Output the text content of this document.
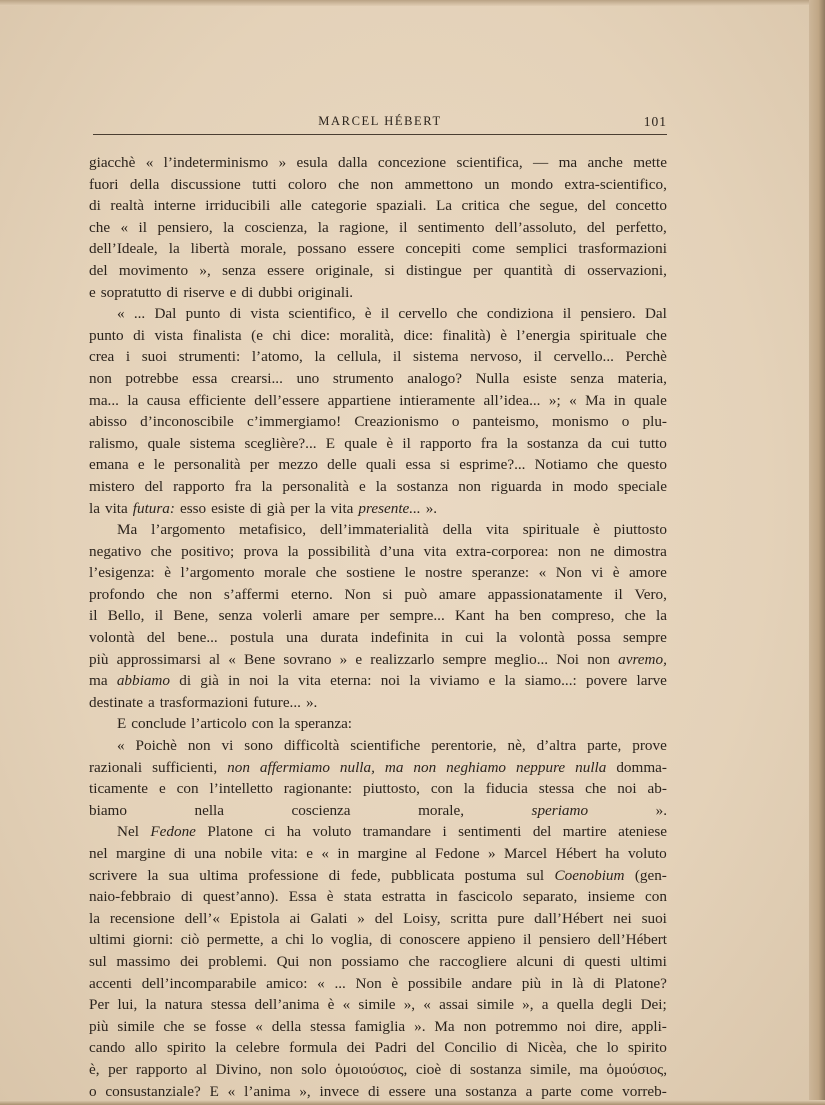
MARCEL HÉBERT	101
giacchè « l’indeterminismo » esula dalla concezione scientifica, — ma anche mette
fuori della discussione tutti coloro che non ammettono un mondo extra-scientifico,
di realtà interne irriducibili alle categorie spaziali. La critica che segue, del concetto
che « il pensiero, la coscienza, la ragione, il sentimento dell’assoluto, del perfetto,
dell’Ideale, la libertà morale, possano essere concepiti come semplici trasformazioni
del movimento », senza essere originale, si distingue per quantità di osservazioni,
e sopratutto di riserve e di dubbi originali.
« ... Dal punto di vista scientifico, è il cervello che condiziona il pensiero. Dal
punto di vista finalista (e chi dice: moralità, dice: finalità) è l’energia spirituale che
crea i suoi strumenti: l’atomo, la cellula, il sistema nervoso, il cervello... Perchè
non potrebbe essa crearsi... uno strumento analogo? Nulla esiste senza materia,
ma... la causa efficiente dell’essere appartiene intieramente all’idea... »; « Ma in quale
abisso d’inconoscibile c’immergiamo! Creazionismo o panteismo, monismo o plu-
ralismo, quale sistema sceglière?... E quale è il rapporto fra la sostanza da cui tutto
emana e le personalità per mezzo delle quali essa si esprime?... Notiamo che questo
mistero del rapporto fra la personalità e la sostanza non riguarda in modo speciale
la vita futura: esso esiste di già per la vita presente... ».
Ma l’argomento metafisico, dell’immaterialità della vita spirituale è piuttosto
negativo che positivo; prova la possibilità d’una vita extra-corporea: non ne dimostra
l’esigenza: è l’argomento morale che sostiene le nostre speranze: « Non vi è amore
profondo che non s’affermi eterno. Non si può amare appassionatamente il Vero,
il Bello, il Bene, senza volerli amare per sempre... Kant ha ben compreso, che la
volontà del bene... postula una durata indefinita in cui la volontà possa sempre
più approssimarsi al « Bene sovrano » e realizzarlo sempre meglio... Noi non avremo,
ma abbiamo di già in noi la vita eterna: noi la viviamo e la siamo...: povere larve
destinate a trasformazioni future... ».
E conclude l’articolo con la speranza:
« Poichè non vi sono difficoltà scientifiche perentorie, nè, d’altra parte, prove
razionali sufficienti, non affermiamo nulla, ma non neghiamo neppure nulla domma-
ticamente e con l’intelletto ragionante: piuttosto, con la fiducia stessa che noi ab-
biamo	nella	coscienza	morale,	speriamo	».
Nel Fedone Platone ci ha voluto tramandare i sentimenti del martire ateniese
nel margine di una nobile vita: e « in margine al Fedone » Marcel Hébert ha voluto
scrivere la sua ultima professione di fede, pubblicata postuma sul Coenobium (gen-
naio-febbraio di quest’anno). Essa è stata estratta in fascicolo separato, insieme con
la recensione dell’« Epistola ai Galati » del Loisy, scritta pure dall’Hébert nei suoi
ultimi giorni: ciò permette, a chi lo voglia, di conoscere appieno il pensiero dell’Hébert
sul massimo dei problemi. Qui non possiamo che raccogliere alcuni di questi ultimi
accenti dell’incomparabile amico: « ... Non è possibile andare più in là di Platone?
Per lui, la natura stessa dell’anima è « simile », « assai simile », a quella degli Dei;
più simile che se fosse « della stessa famiglia ». Ma non potremmo noi dire, appli-
cando allo spirito la celebre formula dei Padri del Concilio di Nicèa, che lo spirito
è, per rapporto al Divino, non solo ὁμοιούσιος, cioè di sostanza simile, ma ὁμούσιος,
o consustanziale? E « l’anima », invece di essere una sostanza a parte come vorreb-
